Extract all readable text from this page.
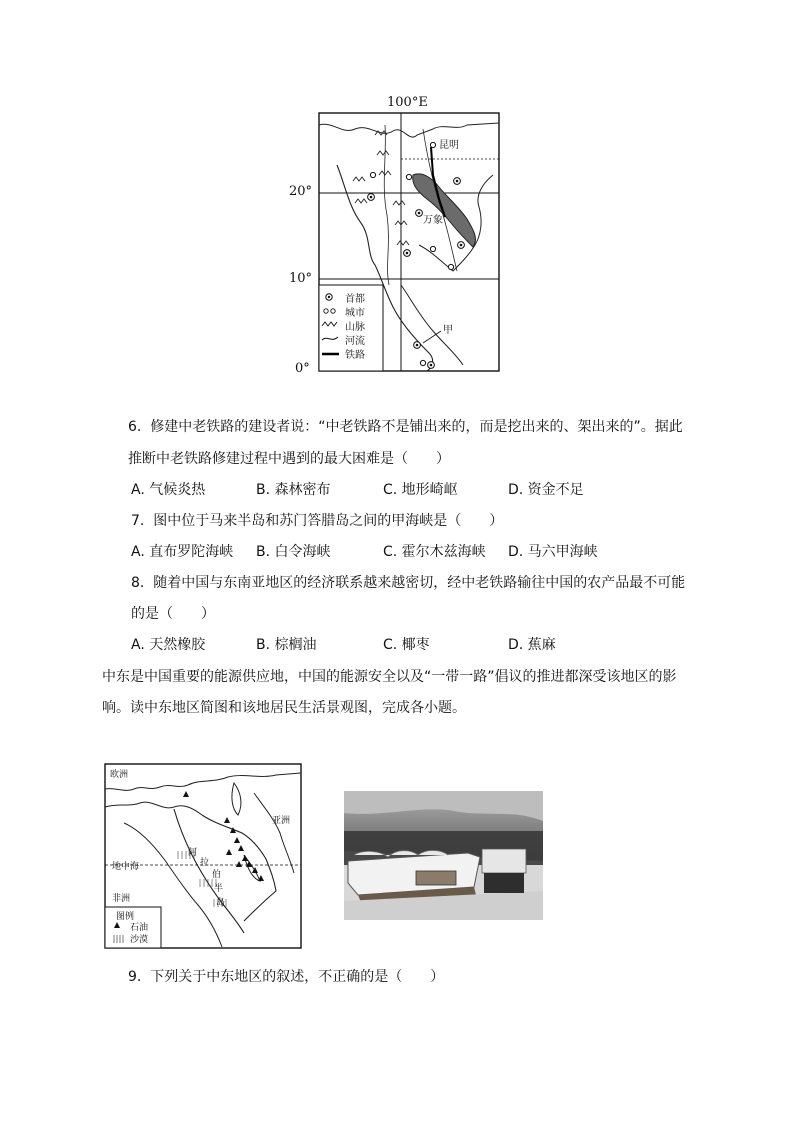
100°E
20°
10°
0°
昆明
万象
甲
首都
城市
山脉
河流
铁路
6. 修建中老铁路的建设者说：“中老铁路不是铺出来的，而是挖出来的、架出来的”。据此
推断中老铁路修建过程中遇到的最大困难是（　　）
A. 气候炎热	B. 森林密布	C. 地形崎岖	D. 资金不足
7. 图中位于马来半岛和苏门答腊岛之间的甲海峡是（　　）
A. 直布罗陀海峡 B. 白令海峡	C. 霍尔木兹海峡 D. 马六甲海峡
8. 随着中国与东南亚地区的经济联系越来越密切，经中老铁路输往中国的农产品最不可能
的是（　　）
A. 天然橡胶	B. 棕榈油	C. 椰枣	D. 蕉麻
中东是中国重要的能源供应地，中国的能源安全以及“一带一路”倡议的推进都深受该地区的影
响。读中东地区简图和该地居民生活景观图，完成各小题。
欧洲
亚洲
地中海
非洲
阿
拉
伯
半
岛
图例
石油
沙漠
9. 下列关于中东地区的叙述，不正确的是（　　）
